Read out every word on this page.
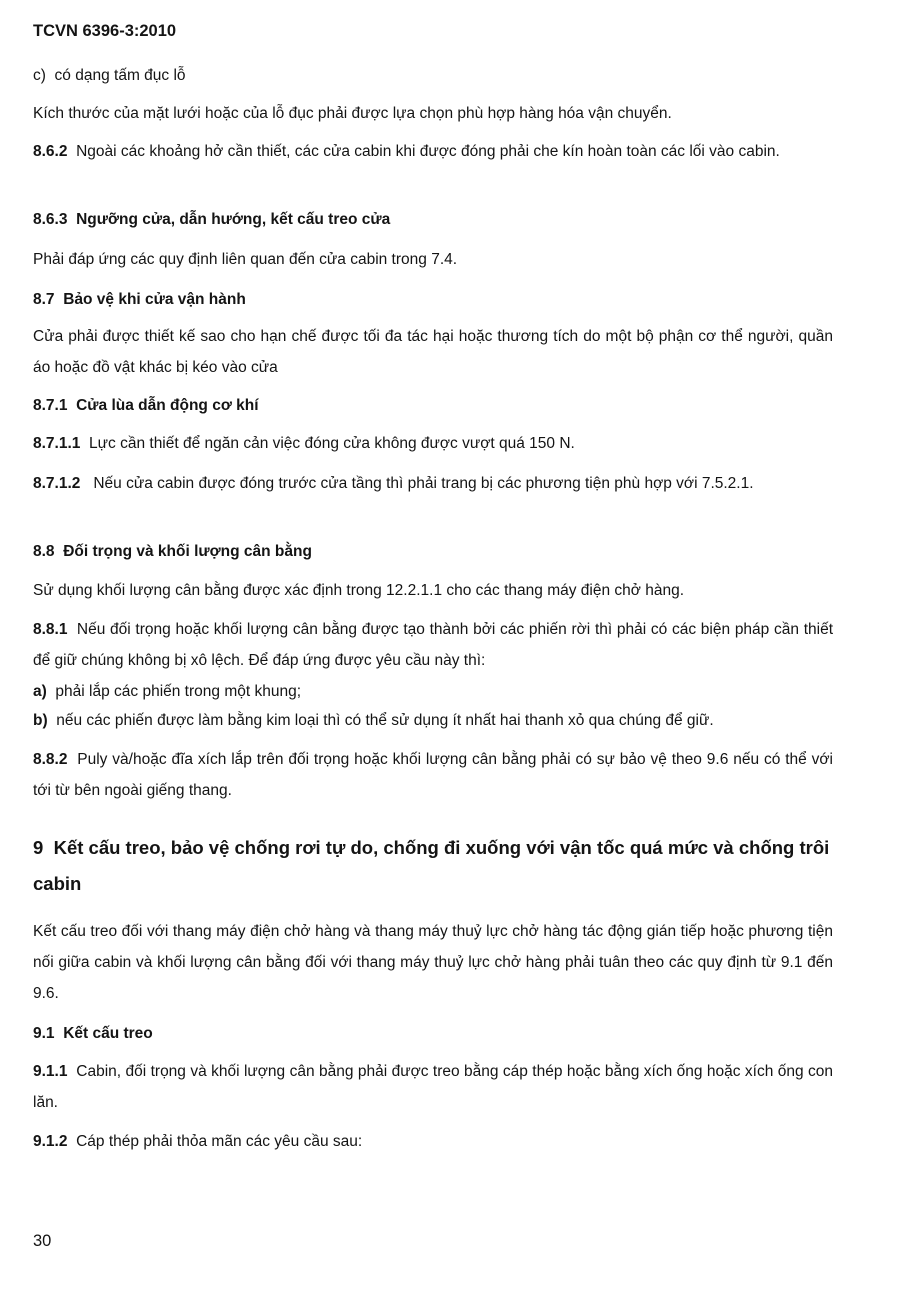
TCVN 6396-3:2010
c) có dạng tấm đục lỗ
Kích thước của mặt lưới hoặc của lỗ đục phải được lựa chọn phù hợp hàng hóa vận chuyển.
8.6.2 Ngoài các khoảng hở cần thiết, các cửa cabin khi được đóng phải che kín hoàn toàn các lối vào cabin.
8.6.3 Ngưỡng cửa, dẫn hướng, kết cấu treo cửa
Phải đáp ứng các quy định liên quan đến cửa cabin trong 7.4.
8.7 Bảo vệ khi cửa vận hành
Cửa phải được thiết kế sao cho hạn chế được tối đa tác hại hoặc thương tích do một bộ phận cơ thể người, quần áo hoặc đồ vật khác bị kéo vào cửa
8.7.1 Cửa lùa dẫn động cơ khí
8.7.1.1 Lực cần thiết để ngăn cản việc đóng cửa không được vượt quá 150 N.
8.7.1.2 Nếu cửa cabin được đóng trước cửa tầng thì phải trang bị các phương tiện phù hợp với 7.5.2.1.
8.8 Đối trọng và khối lượng cân bằng
Sử dụng khối lượng cân bằng được xác định trong 12.2.1.1 cho các thang máy điện chở hàng.
8.8.1 Nếu đối trọng hoặc khối lượng cân bằng được tạo thành bởi các phiến rời thì phải có các biện pháp cần thiết để giữ chúng không bị xô lệch. Để đáp ứng được yêu cầu này thì:
a) phải lắp các phiến trong một khung;
b) nếu các phiến được làm bằng kim loại thì có thể sử dụng ít nhất hai thanh xỏ qua chúng để giữ.
8.8.2 Puly và/hoặc đĩa xích lắp trên đối trọng hoặc khối lượng cân bằng phải có sự bảo vệ theo 9.6 nếu có thể với tới từ bên ngoài giếng thang.
9 Kết cấu treo, bảo vệ chống rơi tự do, chống đi xuống với vận tốc quá mức và chống trôi cabin
Kết cấu treo đối với thang máy điện chở hàng và thang máy thuỷ lực chở hàng tác động gián tiếp hoặc phương tiện nối giữa cabin và khối lượng cân bằng đối với thang máy thuỷ lực chở hàng phải tuân theo các quy định từ 9.1 đến 9.6.
9.1 Kết cấu treo
9.1.1 Cabin, đối trọng và khối lượng cân bằng phải được treo bằng cáp thép hoặc bằng xích ống hoặc xích ống con lăn.
9.1.2 Cáp thép phải thỏa mãn các yêu cầu sau:
30
